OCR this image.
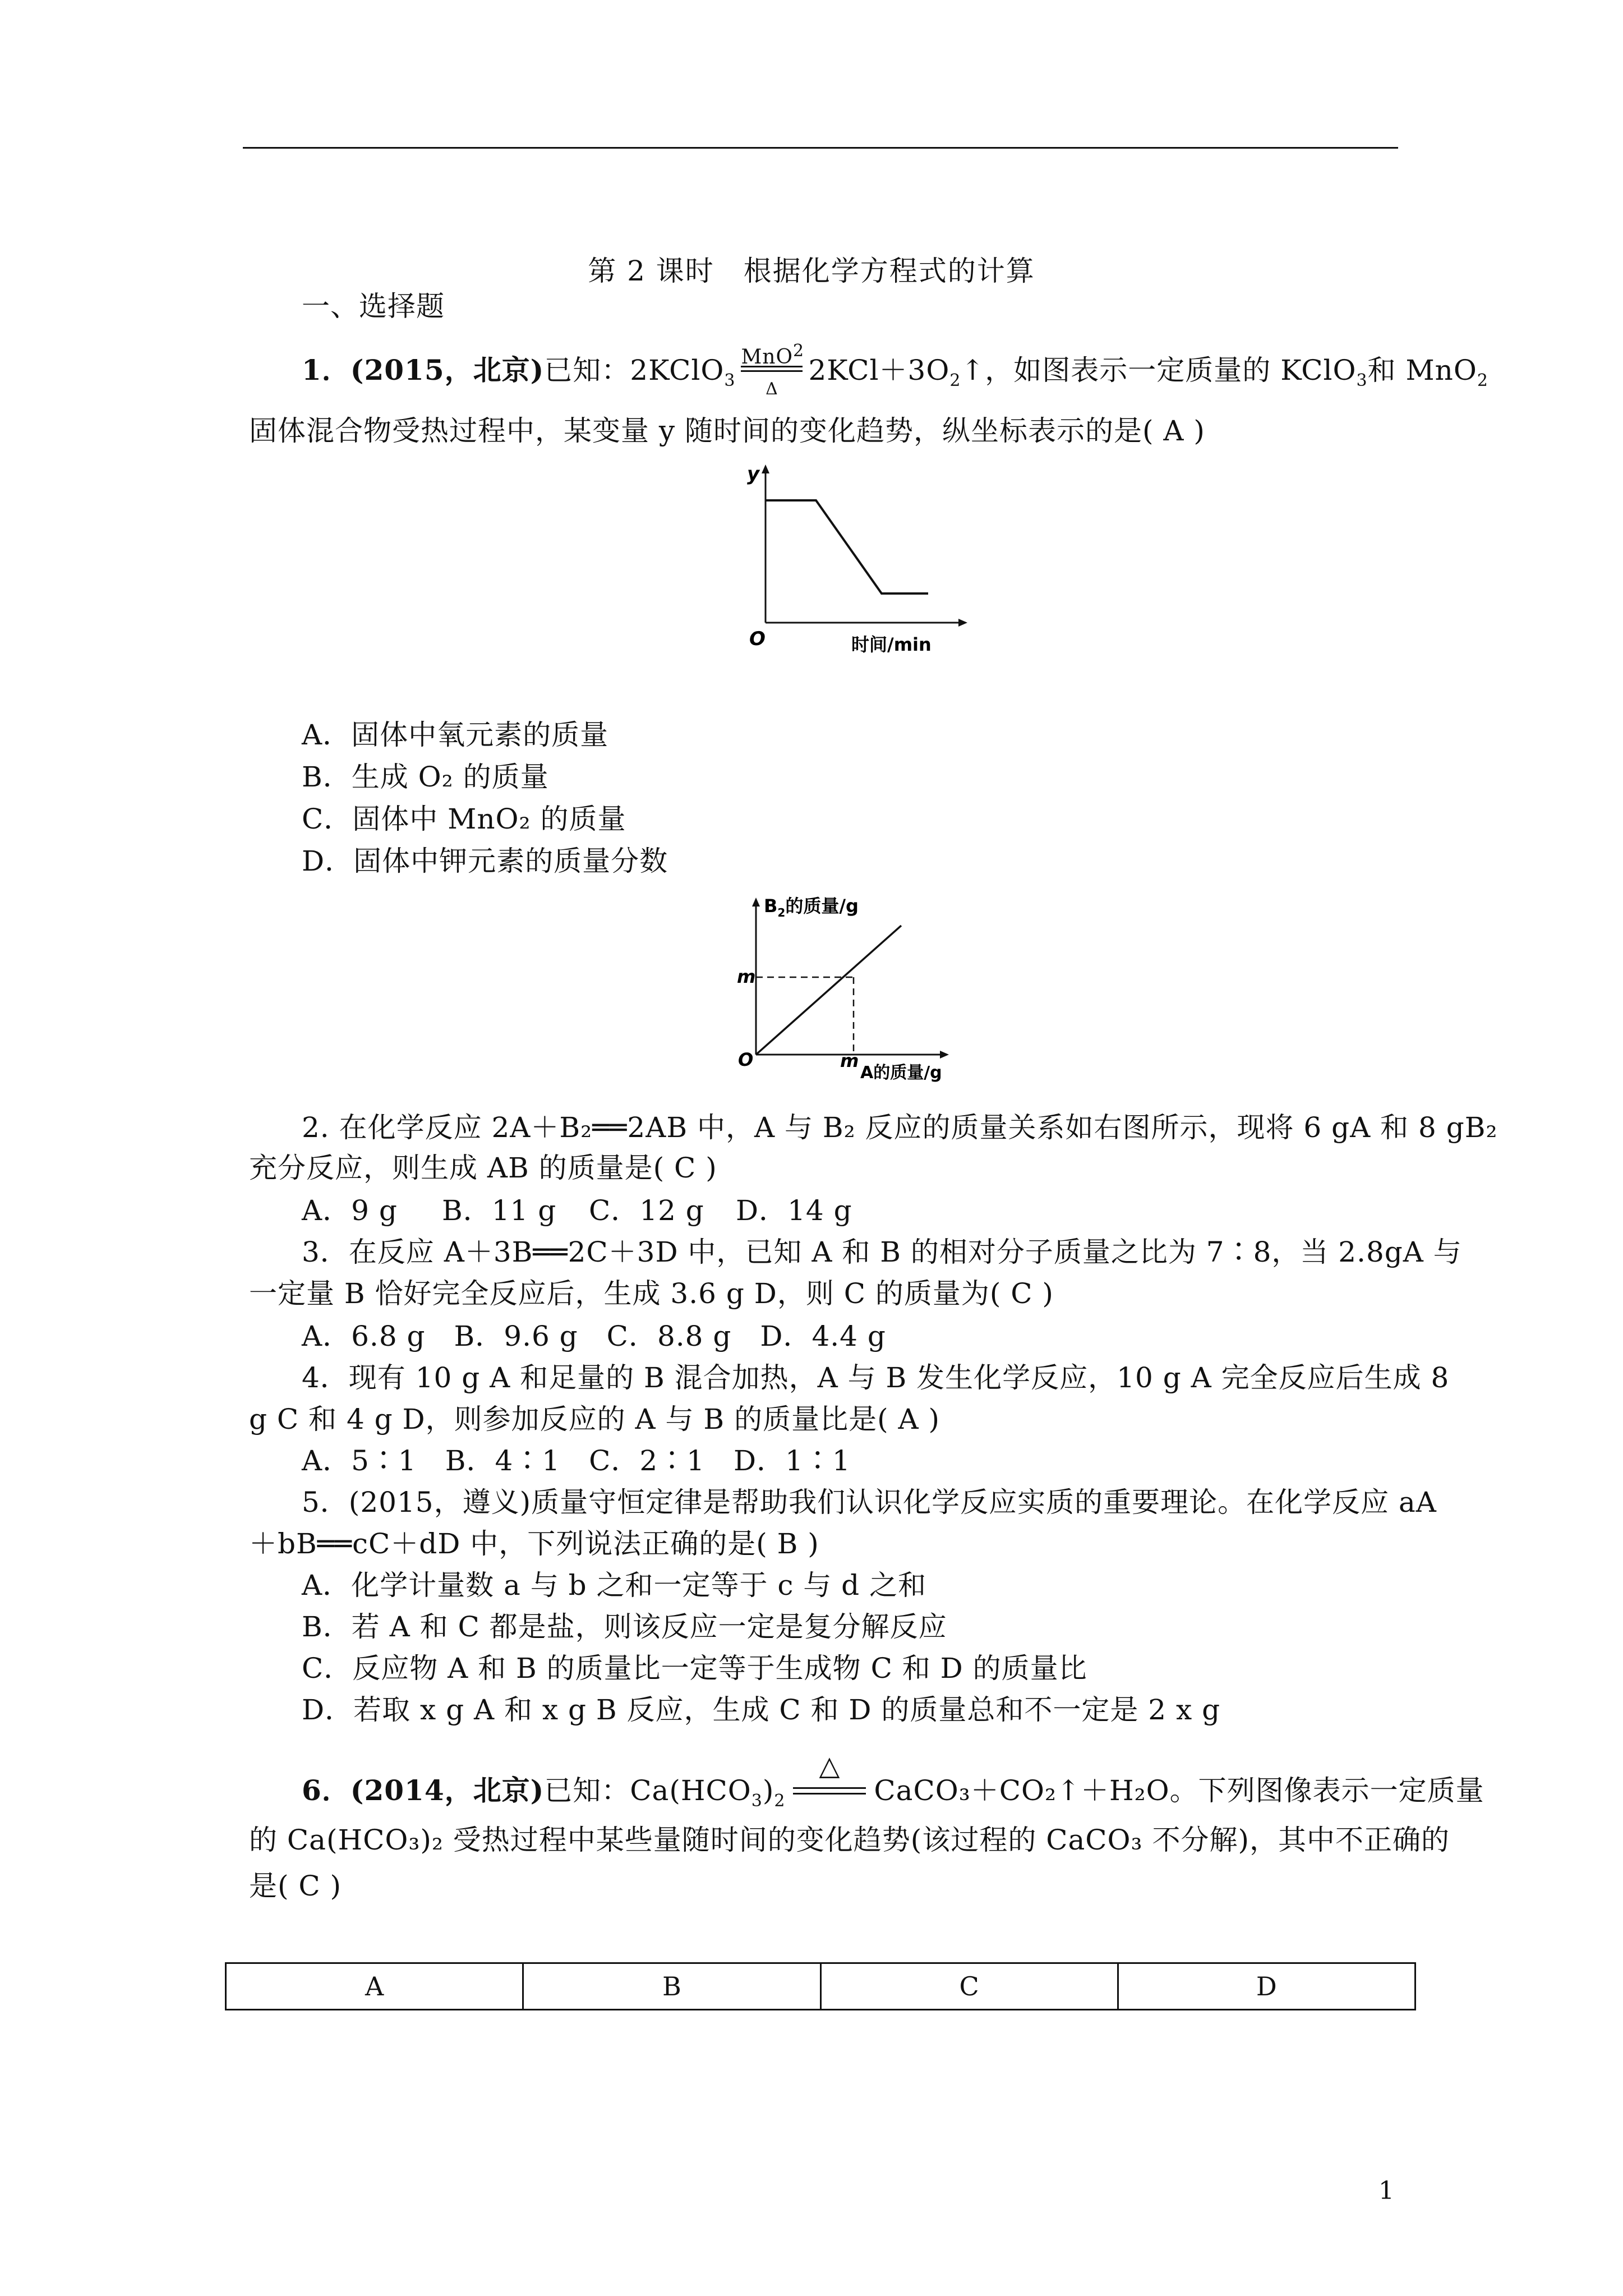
第 2 课时　根据化学方程式的计算
一、选择题
1．(2015，北京)已知：2KClO$_3$ $\frac{MnO^2}{\Delta}$ $2KCl+3O_2↑$，如图表示一定质量的 KClO$_3$和 MnO$_2$
固体混合物受热过程中，某变量 y 随时间的变化趋势，纵坐标表示的是( A )
y
O	时间/min
A．固体中氧元素的质量
B．生成 O₂ 的质量
C．固体中 MnO₂ 的质量
D．固体中钾元素的质量分数
$B_2$的质量/g
m
m
A的质量/g
O
2. 在化学反应 2A＋B₂══2AB 中，A 与 B₂ 反应的质量关系如右图所示，现将 6 gA 和 8 gB₂
充分反应，则生成 AB 的质量是( C )
A．9 g B．11 g C．12 g D．14 g
3．在反应 A＋3B══2C＋3D 中，已知 A 和 B 的相对分子质量之比为 7∶8，当 2.8gA 与
一定量 B 恰好完全反应后，生成 3.6 g D，则 C 的质量为( C )
A．6.8 g　B．9.6 g　C．8.8 g　D．4.4 g
4．现有 10 g A 和足量的 B 混合加热，A 与 B 发生化学反应，10 g A 完全反应后生成 8
g C 和 4 g D，则参加反应的 A 与 B 的质量比是( A )
A．5∶1　B．4∶1　C．2∶1　D．1∶1
5．(2015，遵义)质量守恒定律是帮助我们认识化学反应实质的重要理论。在化学反应 aA
＋bB══cC＋dD 中，下列说法正确的是( B )
A．化学计量数 a 与 b 之和一定等于 c 与 d 之和
B．若 A 和 C 都是盐，则该反应一定是复分解反应
C．反应物 A 和 B 的质量比一定等于生成物 C 和 D 的质量比
D．若取 x g A 和 x g B 反应，生成 C 和 D 的质量总和不一定是 2 x g
6．(2014，北京)已知：$Ca(HCO_3)_2$
△
CaCO₃＋CO₂↑＋H₂O。下列图像表示一定质量
的 Ca(HCO₃)₂ 受热过程中某些量随时间的变化趋势(该过程的 CaCO₃ 不分解)，其中不正确的
是( C )
A	B	C	D
1
